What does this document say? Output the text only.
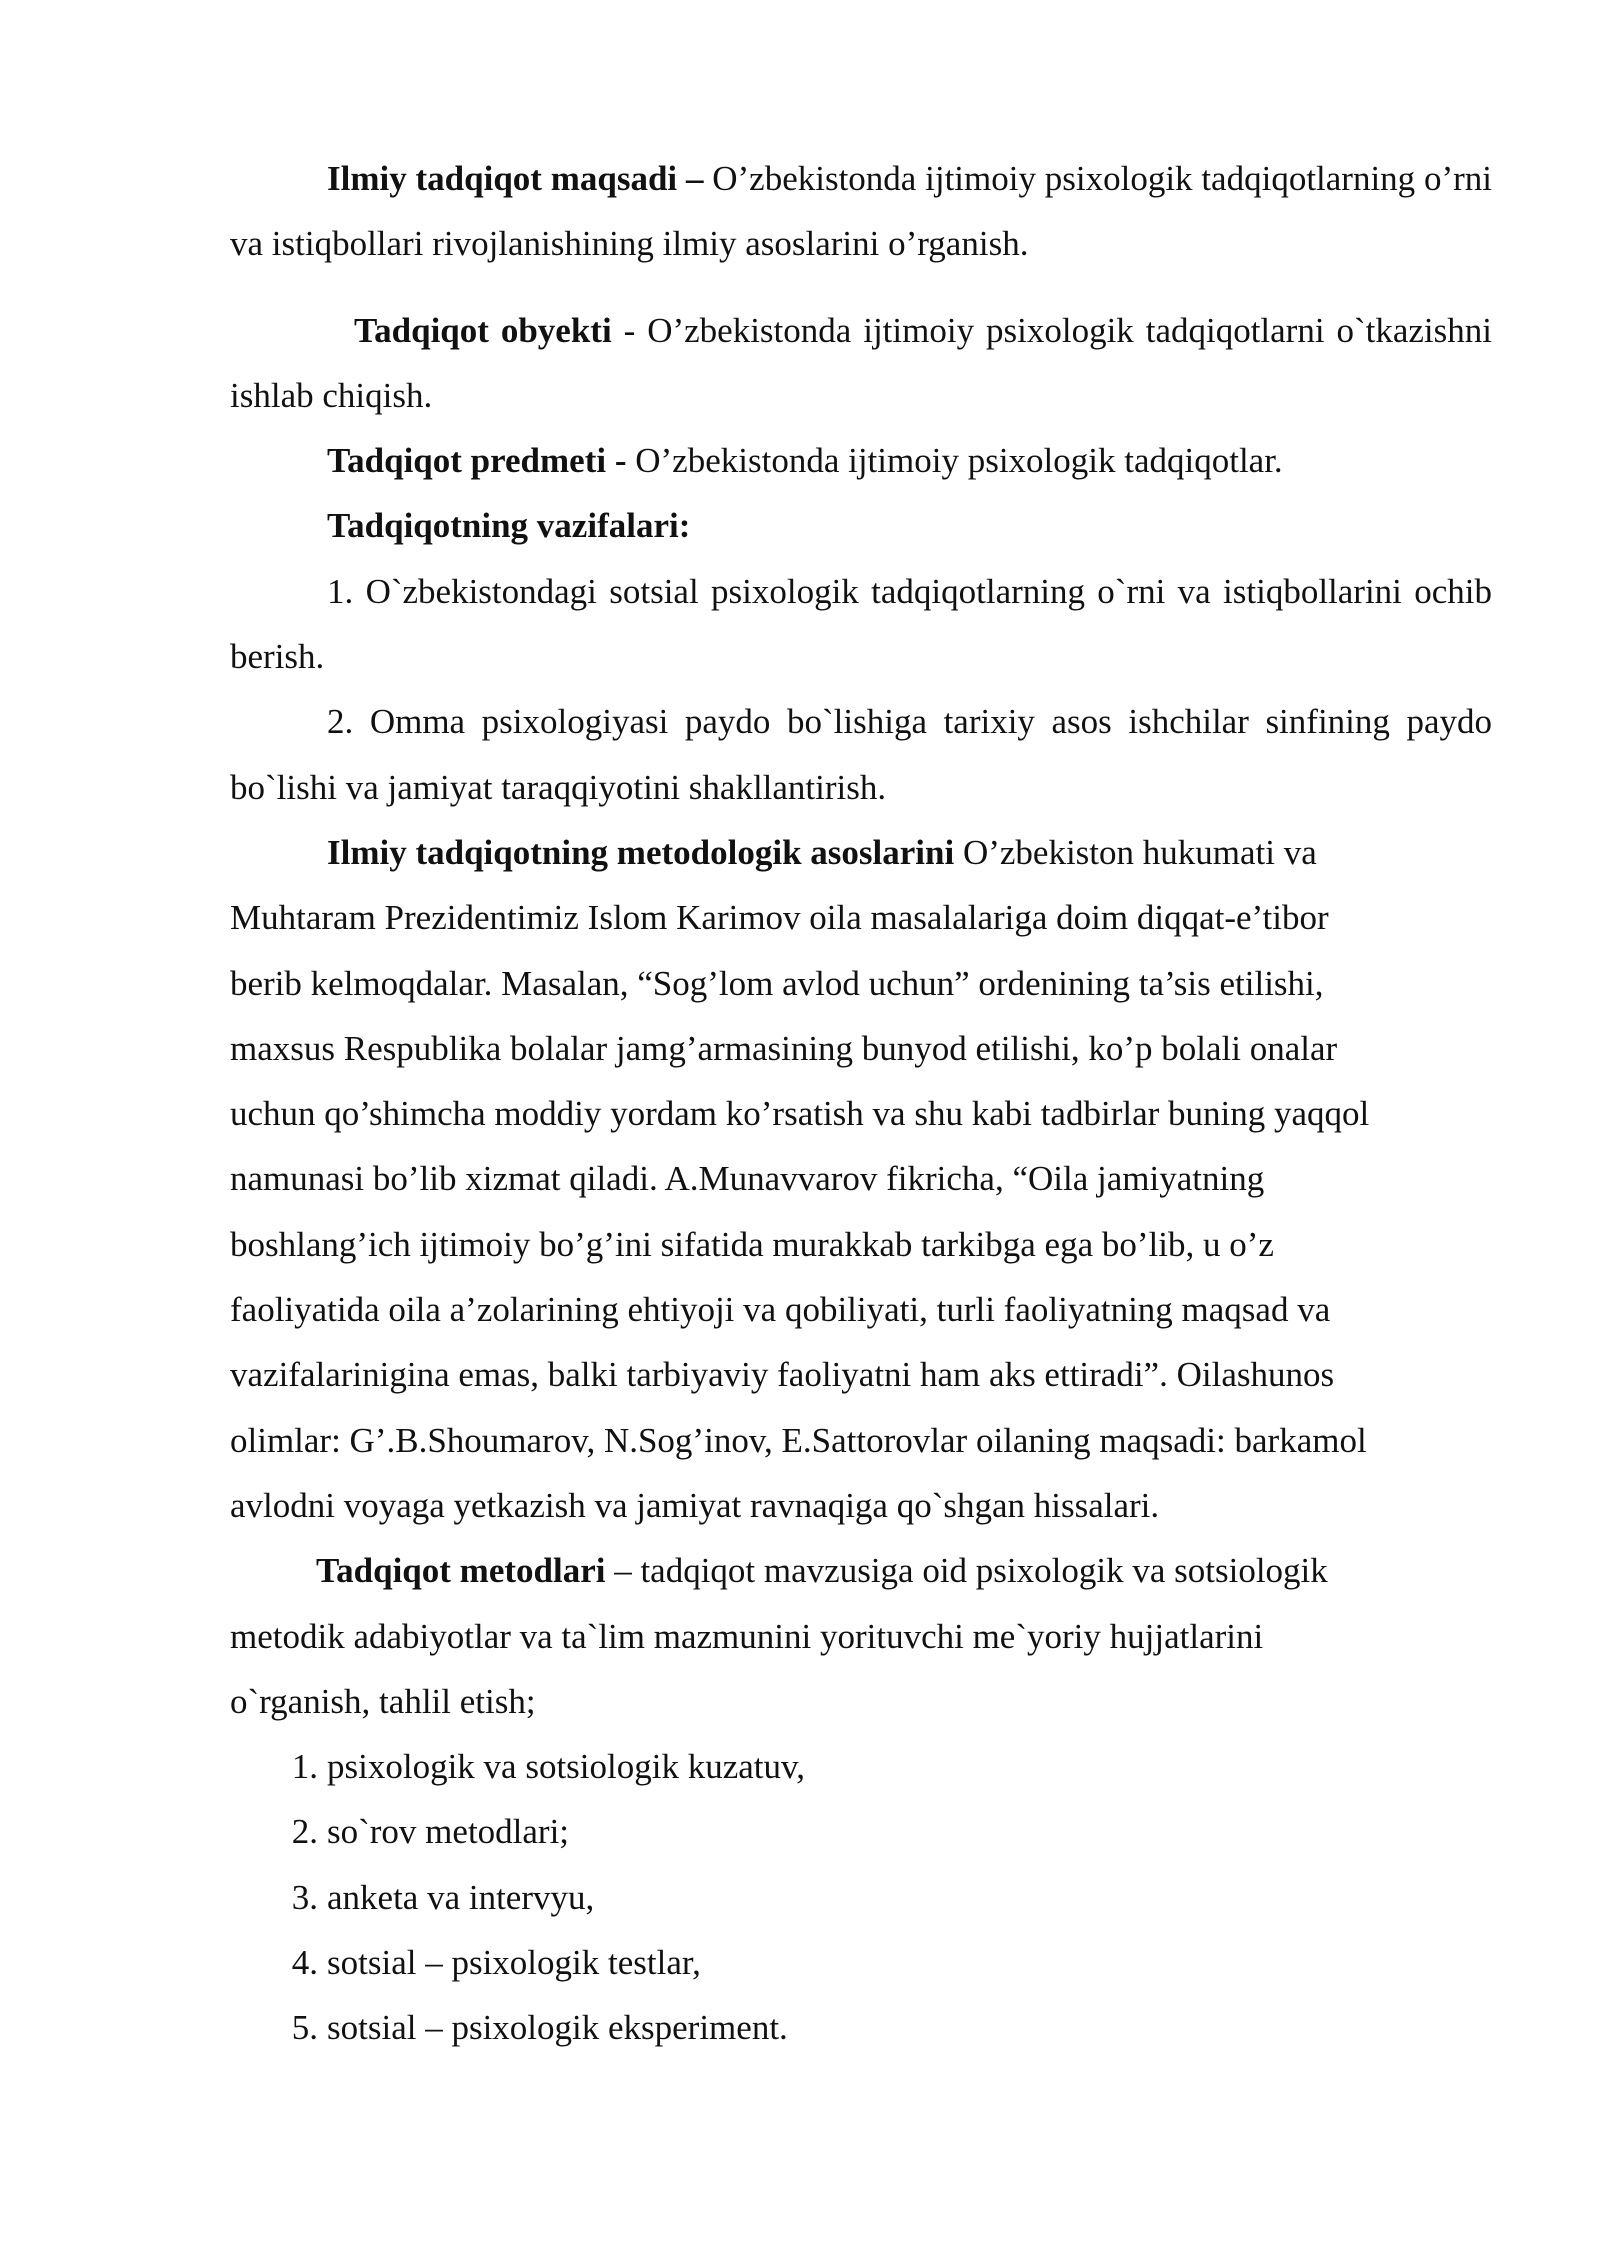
Ilmiy tadqiqot maqsadi – O’zbekistonda ijtimoiy psixologik tadqiqotlarning o’rni va istiqbollari rivojlanishining ilmiy asoslarini o’rganish.

Tadqiqot obyekti - O’zbekistonda ijtimoiy psixologik tadqiqotlarni o`tkazishni ishlab chiqish.

Tadqiqot predmeti - O’zbekistonda ijtimoiy psixologik tadqiqotlar.

Tadqiqotning vazifalari:

1. O`zbekistondagi sotsial psixologik tadqiqotlarning o`rni va istiqbollarini ochib berish.

2. Omma psixologiyasi paydo bo`lishiga tarixiy asos ishchilar sinfining paydo bo`lishi va jamiyat taraqqiyotini shakllantirish.

Ilmiy tadqiqotning metodologik asoslarini O’zbekiston hukumati va
Muhtaram Prezidentimiz Islom Karimov oila masalalariga doim diqqat-e’tibor
berib kelmoqdalar. Masalan, “Sog’lom avlod uchun” ordenining ta’sis etilishi,
maxsus Respublika bolalar jamg’armasining bunyod etilishi, ko’p bolali onalar
uchun qo’shimcha moddiy yordam ko’rsatish va shu kabi tadbirlar buning yaqqol
namunasi bo’lib xizmat qiladi. A.Munavvarov fikricha, “Oila jamiyatning
boshlang’ich ijtimoiy bo’g’ini sifatida murakkab tarkibga ega bo’lib, u o’z
faoliyatida oila a’zolarining ehtiyoji va qobiliyati, turli faoliyatning maqsad va
vazifalarinigina emas, balki tarbiyaviy faoliyatni ham aks ettiradi”. Oilashunos
olimlar: G’.B.Shoumarov, N.Sog’inov, E.Sattorovlar oilaning maqsadi: barkamol
avlodni voyaga yetkazish va jamiyat ravnaqiga qo`shgan hissalari.
Tadqiqot metodlari – tadqiqot mavzusiga oid psixologik va sotsiologik
metodik adabiyotlar va ta`lim mazmunini yorituvchi me`yoriy hujjatlarini
o`rganish, tahlil etish;
1. psixologik va sotsiologik kuzatuv,
2. so`rov metodlari;
3. anketa va intervyu,
4. sotsial – psixologik testlar,
5. sotsial – psixologik eksperiment.
